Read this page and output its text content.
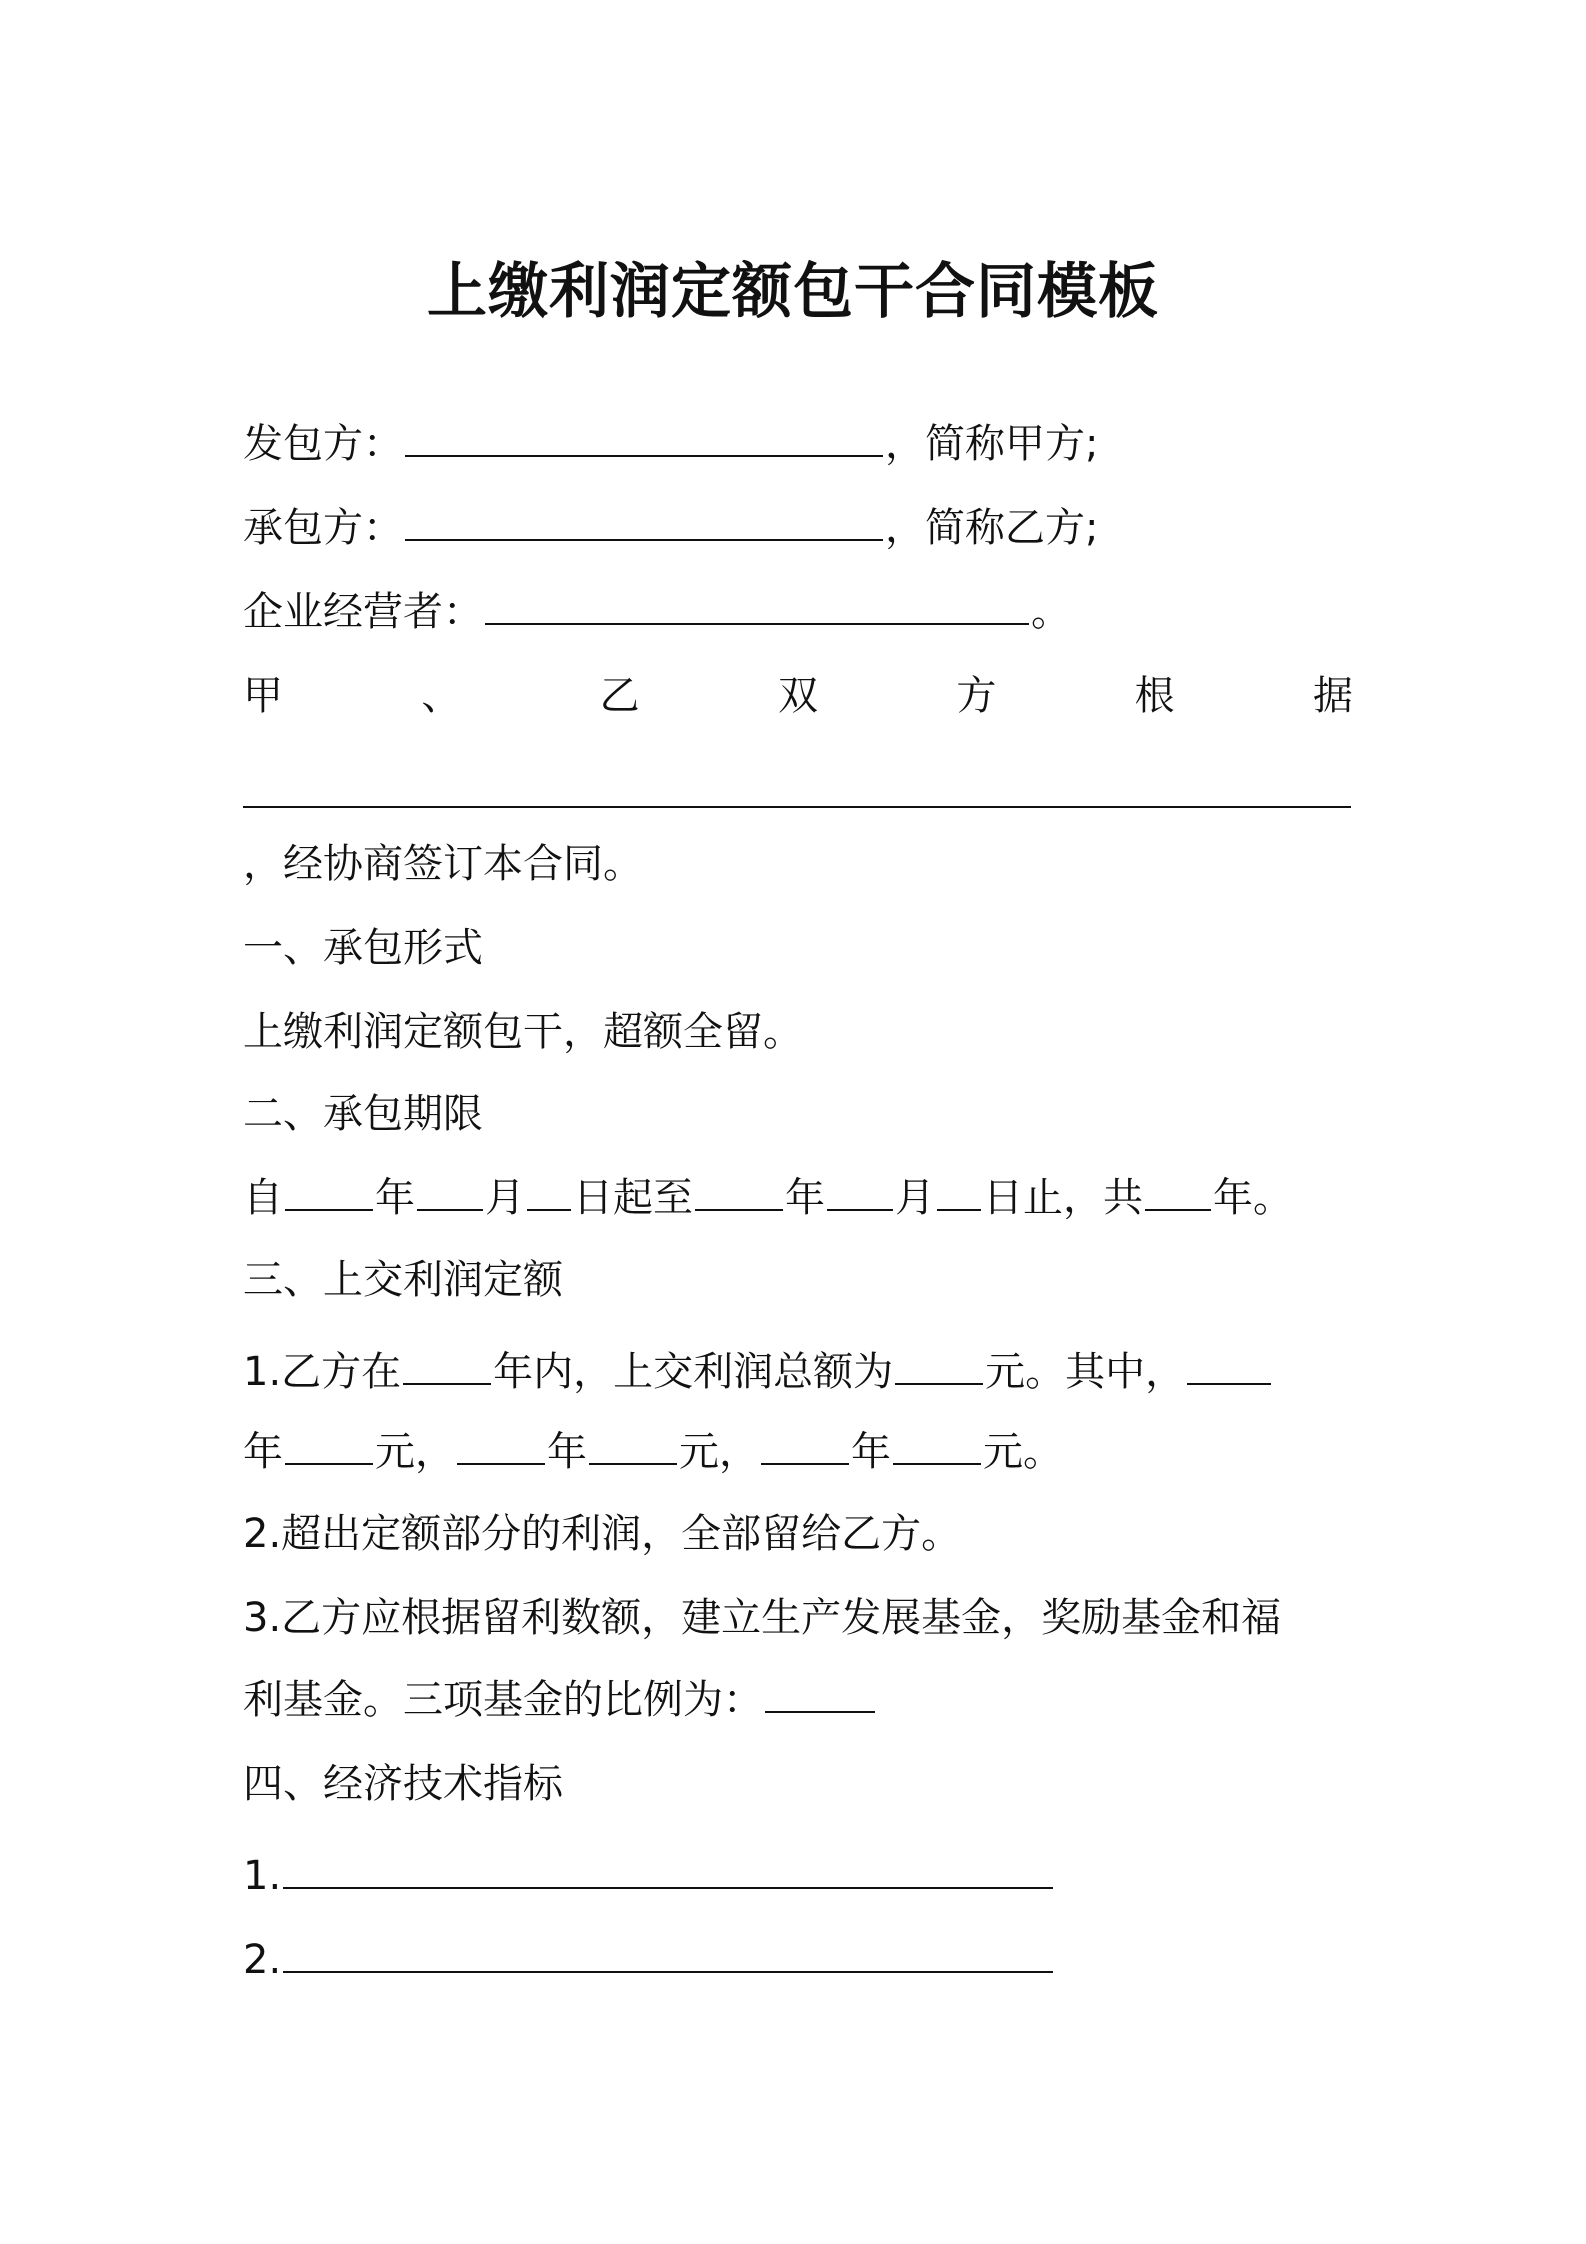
上缴利润定额包干合同模板
发包方：	，简称甲方;
承包方：	，简称乙方;
企业经营者：	。
甲	、	乙	双	方	根	据
，经协商签订本合同。
一、承包形式
上缴利润定额包干，超额全留。
二、承包期限
自 年 月 日起至 年 月 日止，共 年。
三、上交利润定额
1.乙方在 年内，上交利润总额为 元。其中，
年 元， 年 元， 年 元。
2.超出定额部分的利润，全部留给乙方。
3.乙方应根据留利数额，建立生产发展基金，奖励基金和福
利基金。三项基金的比例为：
四、经济技术指标
1.
2.
